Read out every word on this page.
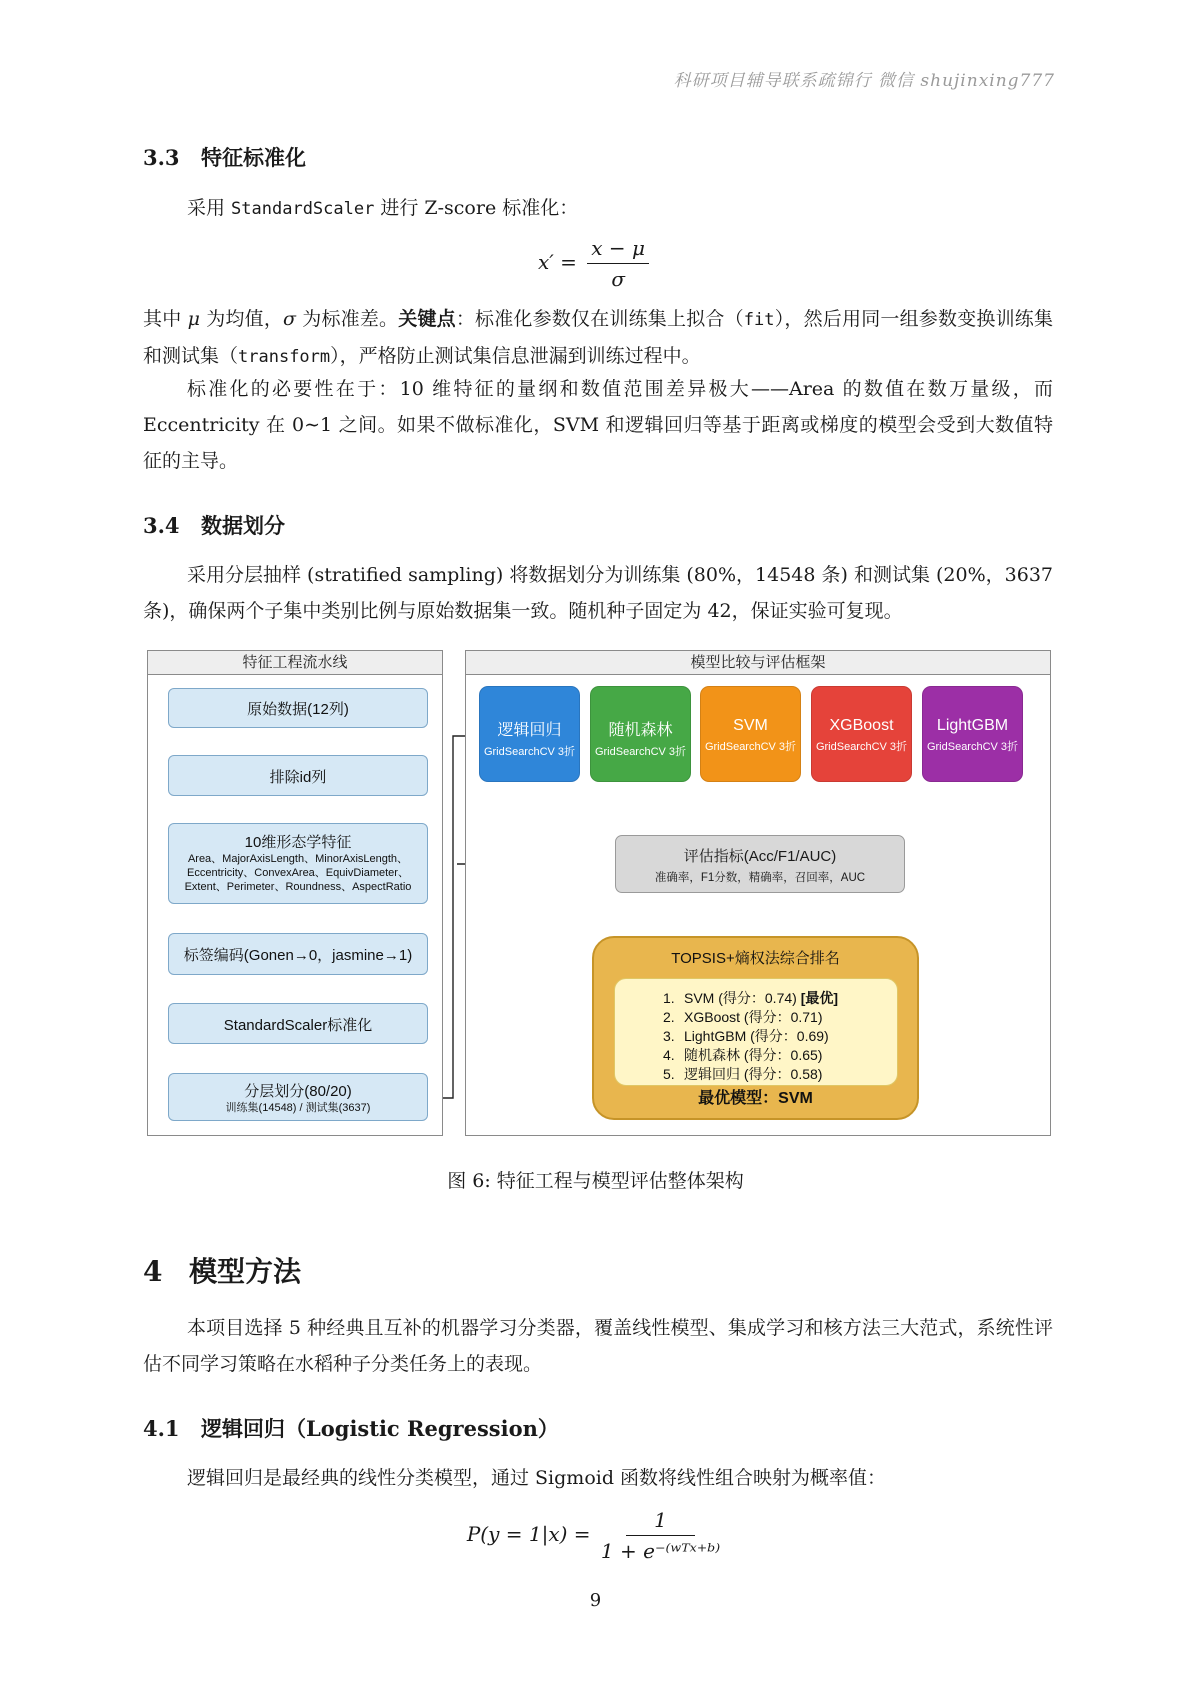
科研项目辅导联系疏锦行 微信 shujinxing777
3.3 特征标准化
采用 StandardScaler 进行 Z-score 标准化：
$x' = \frac{x - \mu}{\sigma}$
其中 μ 为均值，σ 为标准差。关键点：标准化参数仅在训练集上拟合（fit），然后用同一组参数变换训练集和测试集（transform），严格防止测试集信息泄漏到训练过程中。
标准化的必要性在于：10 维特征的量纲和数值范围差异极大——Area 的数值在数万量级，而 Eccentricity 在 0∼1 之间。如果不做标准化，SVM 和逻辑回归等基于距离或梯度的模型会受到大数值特征的主导。
3.4 数据划分
采用分层抽样 (stratified sampling) 将数据划分为训练集 (80%，14548 条) 和测试集 (20%，3637 条)，确保两个子集中类别比例与原始数据集一致。随机种子固定为 42，保证实验可复现。
特征工程流水线
原始数据(12列)
排除id列
10维形态学特征
Area、MajorAxisLength、MinorAxisLength、Eccentricity、ConvexArea、EquivDiameter、Extent、Perimeter、Roundness、AspectRatio
标签编码(Gonen→0，jasmine→1)
StandardScaler标准化
分层划分(80/20)
训练集(14548) / 测试集(3637)
模型比较与评估框架
逻辑回归
GridSearchCV 3折
随机森林
GridSearchCV 3折
SVM
GridSearchCV 3折
XGBoost
GridSearchCV 3折
LightGBM
GridSearchCV 3折
评估指标(Acc/F1/AUC)
准确率，F1分数，精确率，召回率，AUC
TOPSIS+熵权法综合排名
1. SVM (得分：0.74) [最优]
2. XGBoost (得分：0.71)
3. LightGBM (得分：0.69)
4. 随机森林 (得分：0.65)
5. 逻辑回归 (得分：0.58)
最优模型：SVM
图 6: 特征工程与模型评估整体架构
4 模型方法
本项目选择 5 种经典且互补的机器学习分类器，覆盖线性模型、集成学习和核方法三大范式，系统性评估不同学习策略在水稻种子分类任务上的表现。
4.1 逻辑回归（Logistic Regression）
逻辑回归是最经典的线性分类模型，通过 Sigmoid 函数将线性组合映射为概率值：
$P(y = 1|x) = \frac{1}{\text{1 + e⁻⁽ʷᵀˣ⁺ᵇ⁾}}$
9
